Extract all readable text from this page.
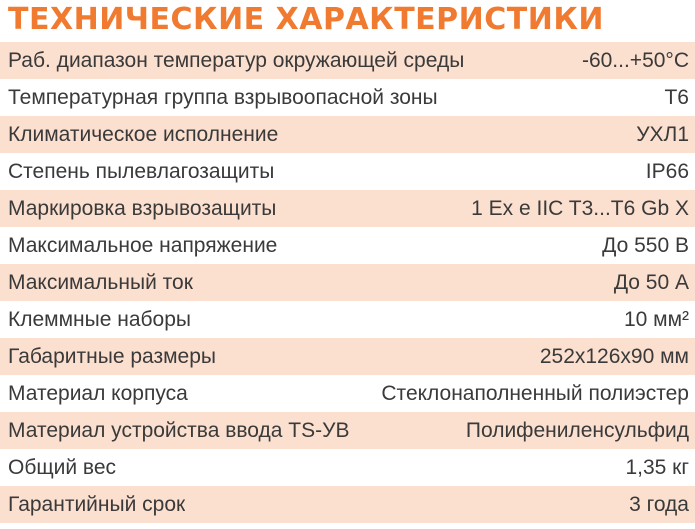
ТЕХНИЧЕСКИЕ ХАРАКТЕРИСТИКИ
Раб. диапазон температур окружающей среды	-60...+50°C
Температурная группа взрывоопасной зоны	T6
Климатическое исполнение	УХЛ1
Степень пылевлагозащиты	IP66
Маркировка взрывозащиты	1 Ex e IIC T3...T6 Gb X
Максимальное напряжение	До 550 В
Максимальный ток	До 50 А
Клеммные наборы	10 мм²
Габаритные размеры	252х126х90 мм
Материал корпуса	Стеклонаполненный полиэстер
Материал устройства ввода TS-УВ	Полифениленсульфид
Общий вес	1,35 кг
Гарантийный срок	3 года
